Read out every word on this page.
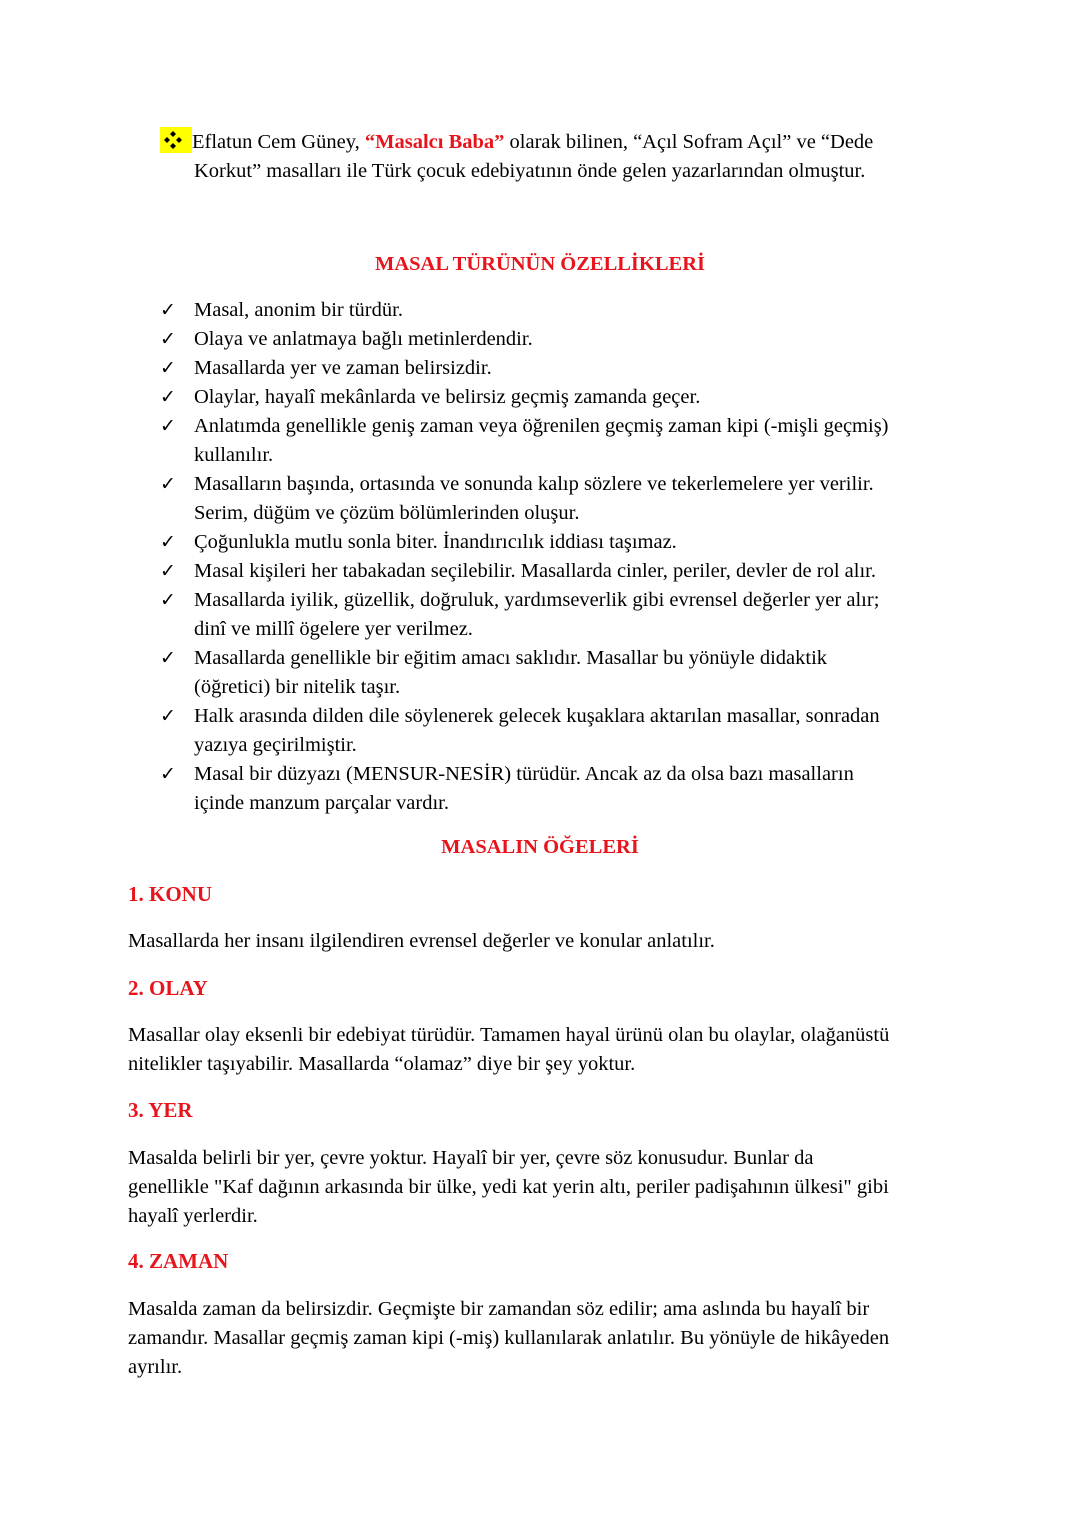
Eflatun Cem Güney, “Masalcı Baba” olarak bilinen, “Açıl Sofram Açıl” ve “Dede
Korkut” masalları ile Türk çocuk edebiyatının önde gelen yazarlarından olmuştur.
MASAL TÜRÜNÜN ÖZELLİKLERİ
✓ Masal, anonim bir türdür.
✓ Olaya ve anlatmaya bağlı metinlerdendir.
✓ Masallarda yer ve zaman belirsizdir.
✓ Olaylar, hayalî mekânlarda ve belirsiz geçmiş zamanda geçer.
✓ Anlatımda genellikle geniş zaman veya öğrenilen geçmiş zaman kipi (-mişli geçmiş)
kullanılır.
✓ Masalların başında, ortasında ve sonunda kalıp sözlere ve tekerlemelere yer verilir.
Serim, düğüm ve çözüm bölümlerinden oluşur.
✓ Çoğunlukla mutlu sonla biter. İnandırıcılık iddiası taşımaz.
✓ Masal kişileri her tabakadan seçilebilir. Masallarda cinler, periler, devler de rol alır.
✓ Masallarda iyilik, güzellik, doğruluk, yardımseverlik gibi evrensel değerler yer alır;
dinî ve millî ögelere yer verilmez.
✓ Masallarda genellikle bir eğitim amacı saklıdır. Masallar bu yönüyle didaktik
(öğretici) bir nitelik taşır.
✓ Halk arasında dilden dile söylenerek gelecek kuşaklara aktarılan masallar, sonradan
yazıya geçirilmiştir.
✓ Masal bir düzyazı (MENSUR-NESİR) türüdür. Ancak az da olsa bazı masalların
içinde manzum parçalar vardır.
MASALIN ÖĞELERİ
1. KONU
Masallarda her insanı ilgilendiren evrensel değerler ve konular anlatılır.
2. OLAY
Masallar olay eksenli bir edebiyat türüdür. Tamamen hayal ürünü olan bu olaylar, olağanüstü
nitelikler taşıyabilir. Masallarda “olamaz” diye bir şey yoktur.
3. YER
Masalda belirli bir yer, çevre yoktur. Hayalî bir yer, çevre söz konusudur. Bunlar da
genellikle "Kaf dağının arkasında bir ülke, yedi kat yerin altı, periler padişahının ülkesi" gibi
hayalî yerlerdir.
4. ZAMAN
Masalda zaman da belirsizdir. Geçmişte bir zamandan söz edilir; ama aslında bu hayalî bir
zamandır. Masallar geçmiş zaman kipi (-miş) kullanılarak anlatılır. Bu yönüyle de hikâyeden
ayrılır.
